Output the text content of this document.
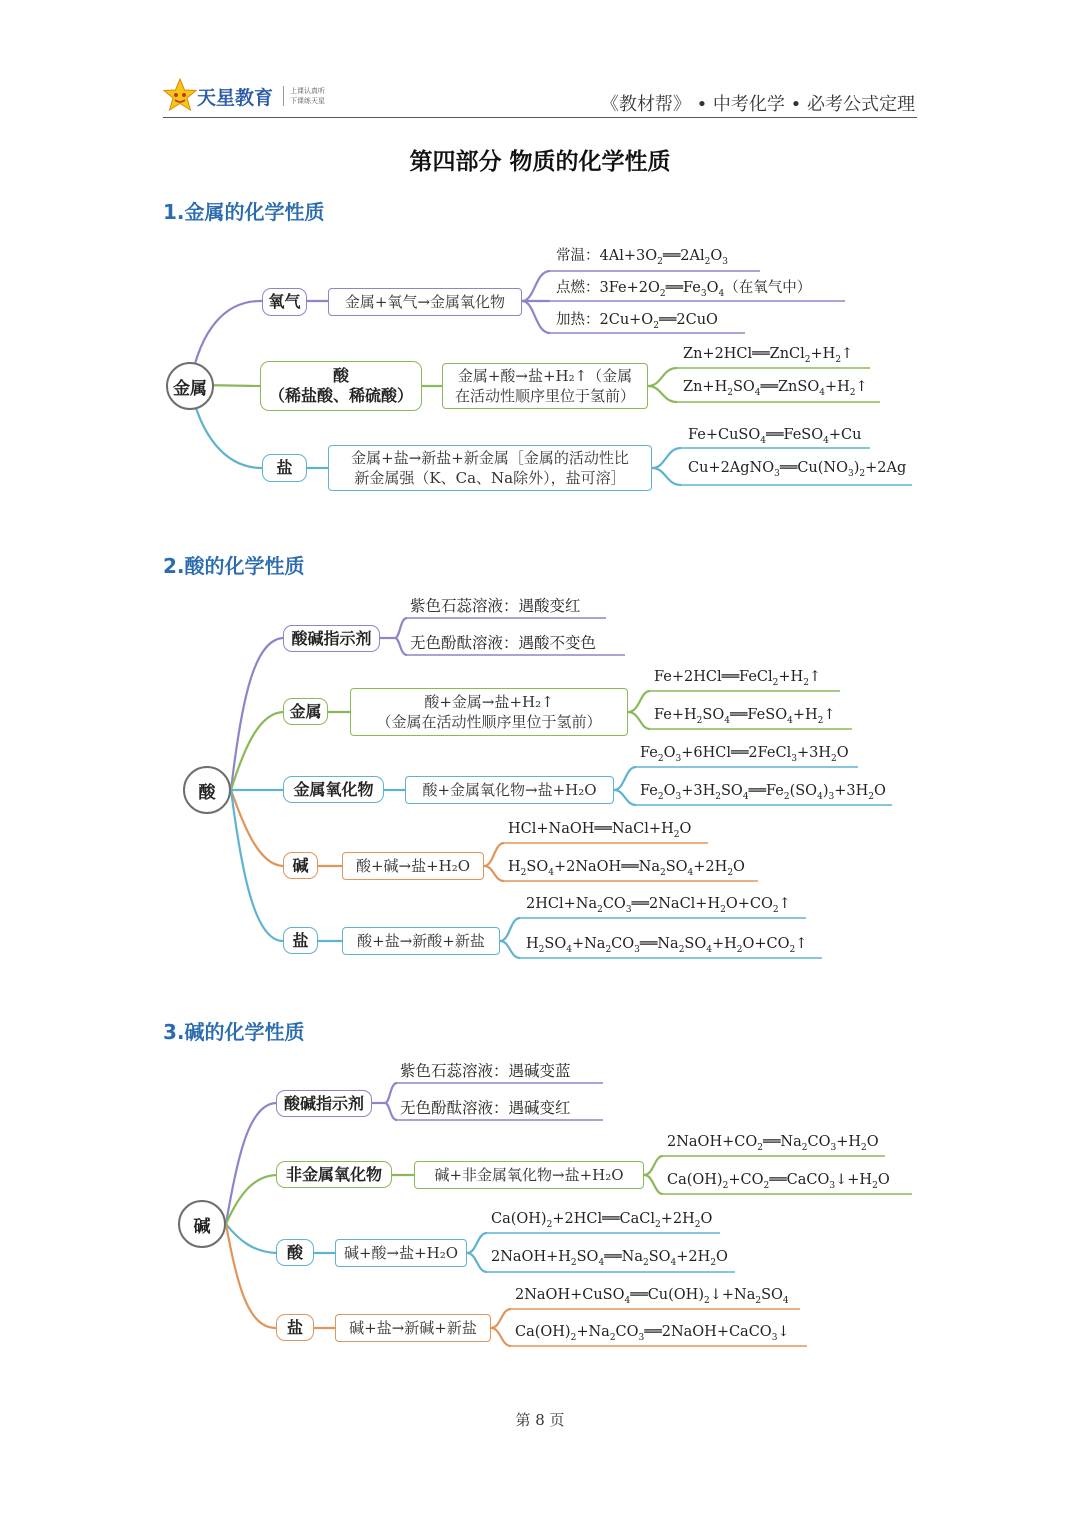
天星教育 上课认真听
下课练天星	《教材帮》 • 中考化学 • 必考公式定理
第四部分 物质的化学性质
1.金属的化学性质
金属
氧气	金属+氧气→金属氧化物
常温：$4Al+3O_2══2Al_2O_3$
点燃：$3Fe+2O_2══Fe_3O_4$（在氧气中）
加热：$2Cu+O_2══2CuO$
酸
（稀盐酸、稀硫酸）
金属+酸→盐+H₂↑（金属
在活动性顺序里位于氢前）
$Zn+2HCl══ZnCl_2+H_2↑$
$Zn+H_2SO_4══ZnSO_4+H_2↑$
盐	金属+盐→新盐+新金属［金属的活动性比
新金属强（K、Ca、Na除外），盐可溶］
Fe+CuSO$_4$══FeSO$_4$+Cu
$Cu+2AgNO_3══Cu(NO_3)_2+2Ag$
2.酸的化学性质
酸
酸碱指示剂
紫色石蕊溶液：遇酸变红
无色酚酞溶液：遇酸不变色
金属	酸+金属→盐+H₂↑
（金属在活动性顺序里位于氢前）
$Fe+2HCl══FeCl_2+H_2↑$
$Fe+H_2SO_4══FeSO_4+H_2↑$
金属氧化物	酸+金属氧化物→盐+H₂O
$Fe_2O_3+6HCl══2FeCl_3+3H_2O$
$Fe_2O_3+3H_2SO_4══Fe_2(SO_4)_3+3H_2O$
碱	酸+碱→盐+H₂O
$HCl+NaOH══NaCl+H_2O$
$H_2SO_4+2NaOH══Na_2SO_4+2H_2O$
盐	酸+盐→新酸+新盐
$2HCl+Na_2CO_3══2NaCl+H_2O+CO_2↑$
$H_2SO_4+Na_2CO_3══Na_2SO_4+H_2O+CO_2↑$
3.碱的化学性质
碱
酸碱指示剂
紫色石蕊溶液：遇碱变蓝
无色酚酞溶液：遇碱变红
非金属氧化物	碱+非金属氧化物→盐+H₂O
$2NaOH+CO_2══Na_2CO_3+H_2O$
$Ca(OH)_2+CO_2══CaCO_3↓+H_2O$
酸	碱+酸→盐+H₂O
$Ca(OH)_2+2HCl══CaCl_2+2H_2O$
$2NaOH+H_2SO_4══Na_2SO_4+2H_2O$
盐	碱+盐→新碱+新盐
$2NaOH+CuSO_4══Cu(OH)_2↓+Na_2SO_4$
$Ca(OH)_2+Na_2CO_3══2NaOH+CaCO_3↓$
第 8 页
